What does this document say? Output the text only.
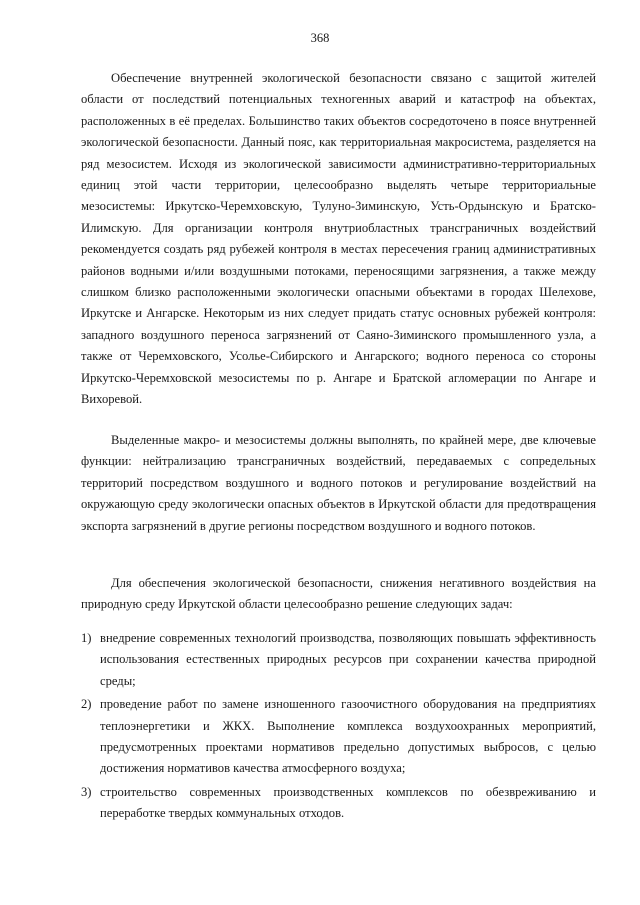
368

Обеспечение внутренней экологической безопасности связано с защитой жителей области от последствий потенциальных техногенных аварий и катастроф на объектах, расположенных в её пределах. Большинство таких объектов сосредоточено в поясе внутренней экологической безопасности. Данный пояс, как территориальная макросистема, разделяется на ряд мезосистем. Исходя из экологической зависимости административно-территориальных единиц этой части территории, целесообразно выделять четыре территориальные мезосистемы: Иркутско-Черемховскую, Тулуно-Зиминскую, Усть-Ордынскую и Братско-Илимскую. Для организации контроля внутриобластных трансграничных воздействий рекомендуется создать ряд рубежей контроля в местах пересечения границ административных районов водными и/или воздушными потоками, переносящими загрязнения, а также между слишком близко расположенными экологически опасными объектами в городах Шелехове, Иркутске и Ангарске. Некоторым из них следует придать статус основных рубежей контроля: западного воздушного переноса загрязнений от Саяно-Зиминского промышленного узла, а также от Черемховского, Усолье-Сибирского и Ангарского; водного переноса со стороны Иркутско-Черемховской мезосистемы по р. Ангаре и Братской агломерации по Ангаре и Вихоревой.

Выделенные макро- и мезосистемы должны выполнять, по крайней мере, две ключевые функции: нейтрализацию трансграничных воздействий, передаваемых с сопредельных территорий посредством воздушного и водного потоков и регулирование воздействий на окружающую среду экологически опасных объектов в Иркутской области для предотвращения экспорта загрязнений в другие регионы посредством воздушного и водного потоков.

Для обеспечения экологической безопасности, снижения негативного воздействия на природную среду Иркутской области целесообразно решение следующих задач:

1) внедрение современных технологий производства, позволяющих повышать эффективность использования естественных природных ресурсов при сохранении качества природной среды;
2) проведение работ по замене изношенного газоочистного оборудования на предприятиях теплоэнергетики и ЖКХ. Выполнение комплекса воздухоохранных мероприятий, предусмотренных проектами нормативов предельно допустимых выбросов, с целью достижения нормативов качества атмосферного воздуха;
3) строительство современных производственных комплексов по обезвреживанию и переработке твердых коммунальных отходов.
